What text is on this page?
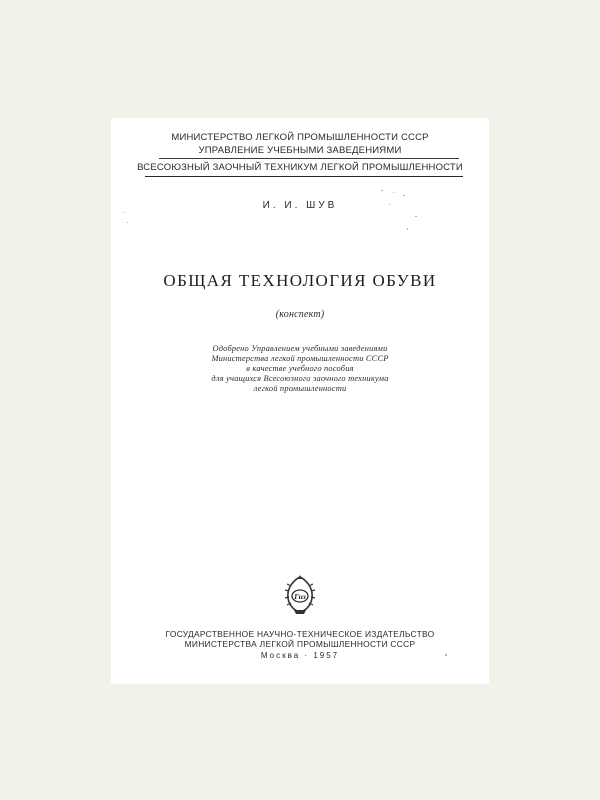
МИНИСТЕРСТВО ЛЕГКОЙ ПРОМЫШЛЕННОСТИ СССР
УПРАВЛЕНИЕ УЧЕБНЫМИ ЗАВЕДЕНИЯМИ
ВСЕСОЮЗНЫЙ ЗАОЧНЫЙ ТЕХНИКУМ ЛЕГКОЙ ПРОМЫШЛЕННОСТИ
И. И. ШУВ
ОБЩАЯ ТЕХНОЛОГИЯ ОБУВИ
(конспект)
Одобрено Управлением учебными заведениями
Министерства легкой промышленности СССР
в качестве учебного пособия
для учащихся Всесоюзного заочного техникума
легкой промышленности
Гиз
ГОСУДАРСТВЕННОЕ НАУЧНО-ТЕХНИЧЕСКОЕ ИЗДАТЕЛЬСТВО
МИНИСТЕРСТВА ЛЕГКОЙ ПРОМЫШЛЕННОСТИ СССР
Москва · 1957
